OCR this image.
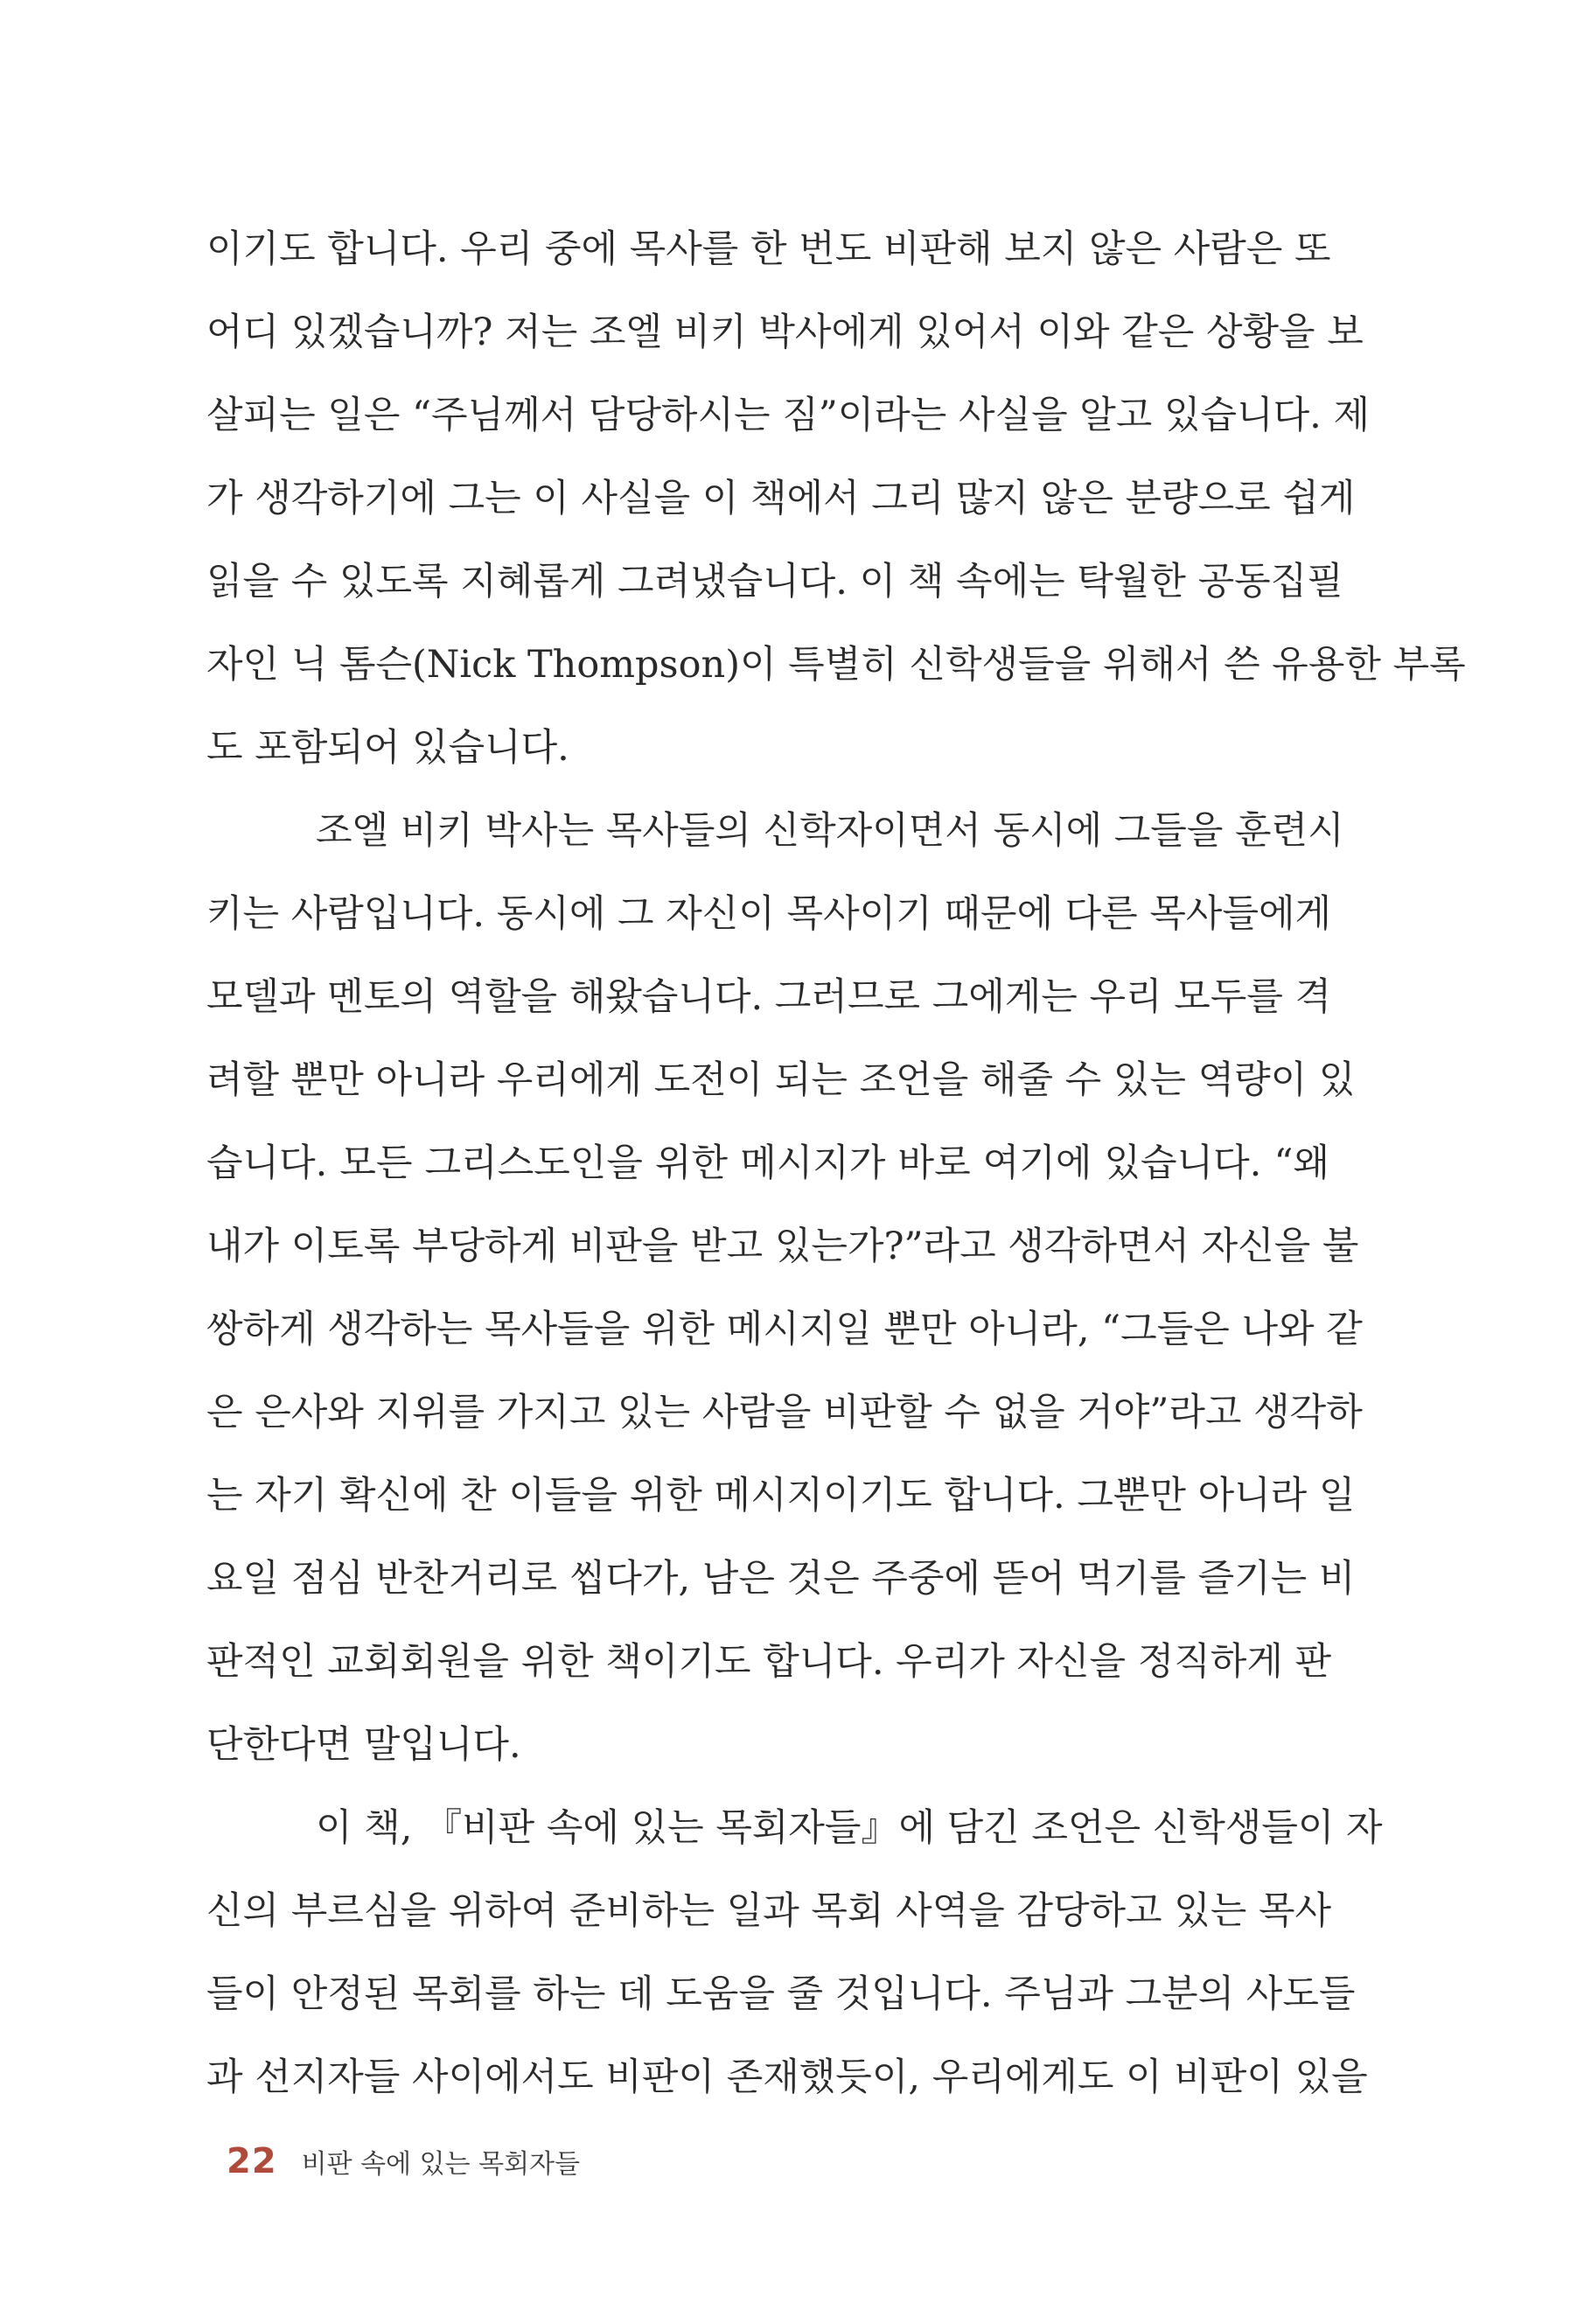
이기도 합니다. 우리 중에 목사를 한 번도 비판해 보지 않은 사람은 또
어디 있겠습니까? 저는 조엘 비키 박사에게 있어서 이와 같은 상황을 보
살피는 일은 “주님께서 담당하시는 짐”이라는 사실을 알고 있습니다. 제
가 생각하기에 그는 이 사실을 이 책에서 그리 많지 않은 분량으로 쉽게
읽을 수 있도록 지혜롭게 그려냈습니다. 이 책 속에는 탁월한 공동집필
자인 닉 톰슨(Nick Thompson)이 특별히 신학생들을 위해서 쓴 유용한 부록
도 포함되어 있습니다.
조엘 비키 박사는 목사들의 신학자이면서 동시에 그들을 훈련시
키는 사람입니다. 동시에 그 자신이 목사이기 때문에 다른 목사들에게
모델과 멘토의 역할을 해왔습니다. 그러므로 그에게는 우리 모두를 격
려할 뿐만 아니라 우리에게 도전이 되는 조언을 해줄 수 있는 역량이 있
습니다. 모든 그리스도인을 위한 메시지가 바로 여기에 있습니다. “왜
내가 이토록 부당하게 비판을 받고 있는가?”라고 생각하면서 자신을 불
쌍하게 생각하는 목사들을 위한 메시지일 뿐만 아니라, “그들은 나와 같
은 은사와 지위를 가지고 있는 사람을 비판할 수 없을 거야”라고 생각하
는 자기 확신에 찬 이들을 위한 메시지이기도 합니다. 그뿐만 아니라 일
요일 점심 반찬거리로 씹다가, 남은 것은 주중에 뜯어 먹기를 즐기는 비
판적인 교회회원을 위한 책이기도 합니다. 우리가 자신을 정직하게 판
단한다면 말입니다.
이 책, 『비판 속에 있는 목회자들』에 담긴 조언은 신학생들이 자
신의 부르심을 위하여 준비하는 일과 목회 사역을 감당하고 있는 목사
들이 안정된 목회를 하는 데 도움을 줄 것입니다. 주님과 그분의 사도들
과 선지자들 사이에서도 비판이 존재했듯이, 우리에게도 이 비판이 있을
22 비판 속에 있는 목회자들
